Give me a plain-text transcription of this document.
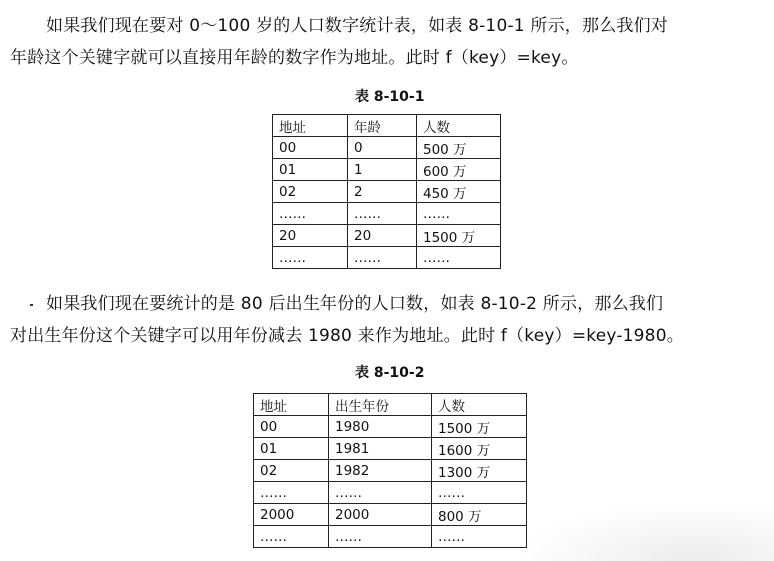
如果我们现在要对 0～100 岁的人口数字统计表，如表 8-10-1 所示，那么我们对

年龄这个关键字就可以直接用年龄的数字作为地址。此时 f（key）=key。

表 8-10-1
地址	年龄	人数
00	0	500 万
01	1	600 万
02	2	450 万
……	……	……
20	20	1500 万
……	……	……

如果我们现在要统计的是 80 后出生年份的人口数，如表 8-10-2 所示，那么我们

对出生年份这个关键字可以用年份减去 1980 来作为地址。此时 f（key）=key-1980。

表 8-10-2
地址	出生年份	人数
00	1980	1500 万
01	1981	1600 万
02	1982	1300 万
……	……	……
2000	2000	800 万
……	……	……
